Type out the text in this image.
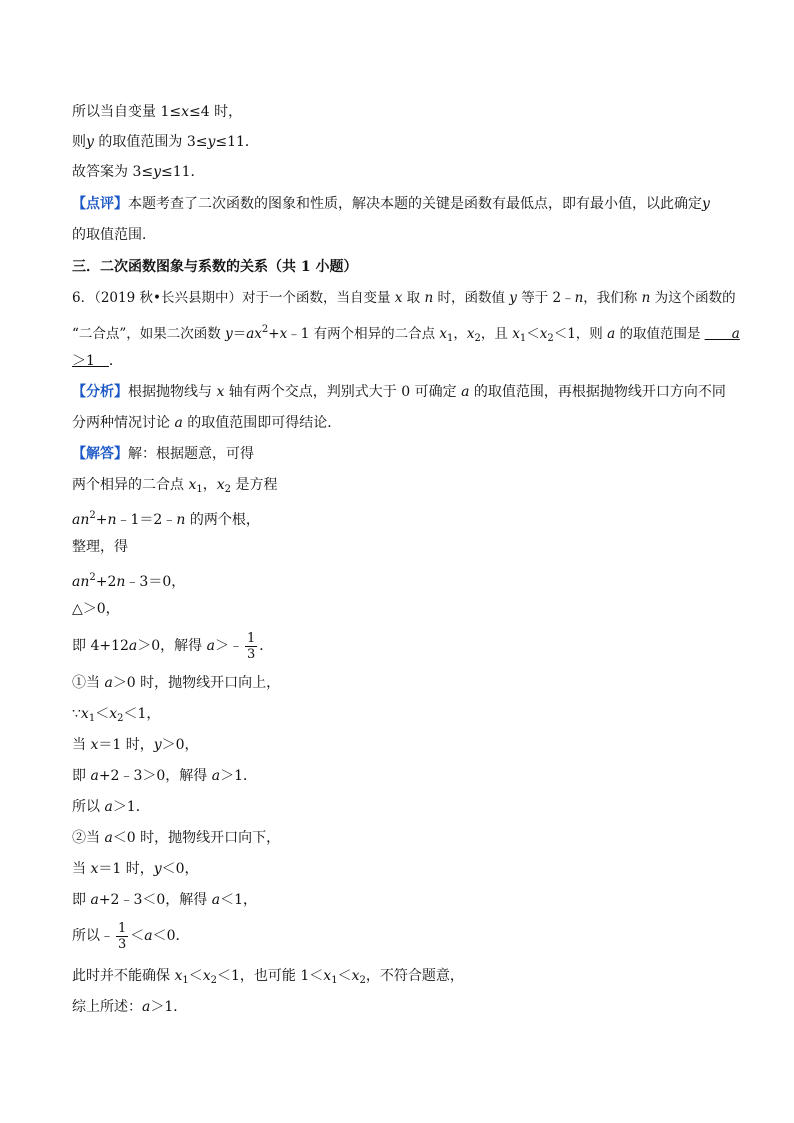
所以当自变量 1≤x≤4 时，
则y 的取值范围为 3≤y≤11．
故答案为 3≤y≤11．
【点评】本题考查了二次函数的图象和性质，解决本题的关键是函数有最低点，即有最小值，以此确定y
的取值范围．
三．二次函数图象与系数的关系（共 1 小题）
6．（2019 秋•长兴县期中）对于一个函数，当自变量 x 取 n 时，函数值 y 等于 2﹣n，我们称 n 为这个函数的
“二合点”，如果二次函数 $y=ax^2+x﹣1$ 有两个相异的二合点 $x_1$，$x_2$，且 $x_1<x_2<1$，则 a 的取值范围是 ＿＿a
＞1＿．
【分析】根据抛物线与 x 轴有两个交点，判别式大于 0 可确定 a 的取值范围，再根据抛物线开口方向不同
分两种情况讨论 a 的取值范围即可得结论．
【解答】解：根据题意，可得
两个相异的二合点 $x_1$，$x_2$ 是方程
$an^2+n﹣1=2﹣n$ 的两个根，
整理，得
$an^2+2n﹣3=0$，
△＞0，
即 4+12a＞0，解得 a＞﹣ $\frac{1}{3}$ ．
①当 a＞0 时，抛物线开口向上，
$\because x_1<x_2<1$，
当 x＝1 时，y＞0，
即 a+2﹣3＞0，解得 a＞1．
所以 a＞1．
②当 a＜0 时，抛物线开口向下，
当 x＝1 时，y＜0，
即 a+2﹣3＜0，解得 a＜1，
所以﹣ $\frac{1}{3} <a<0$．
此时并不能确保 $x_1<x_2<1$，也可能 $1<x_1<x_2$，不符合题意，
综上所述：a＞1．
